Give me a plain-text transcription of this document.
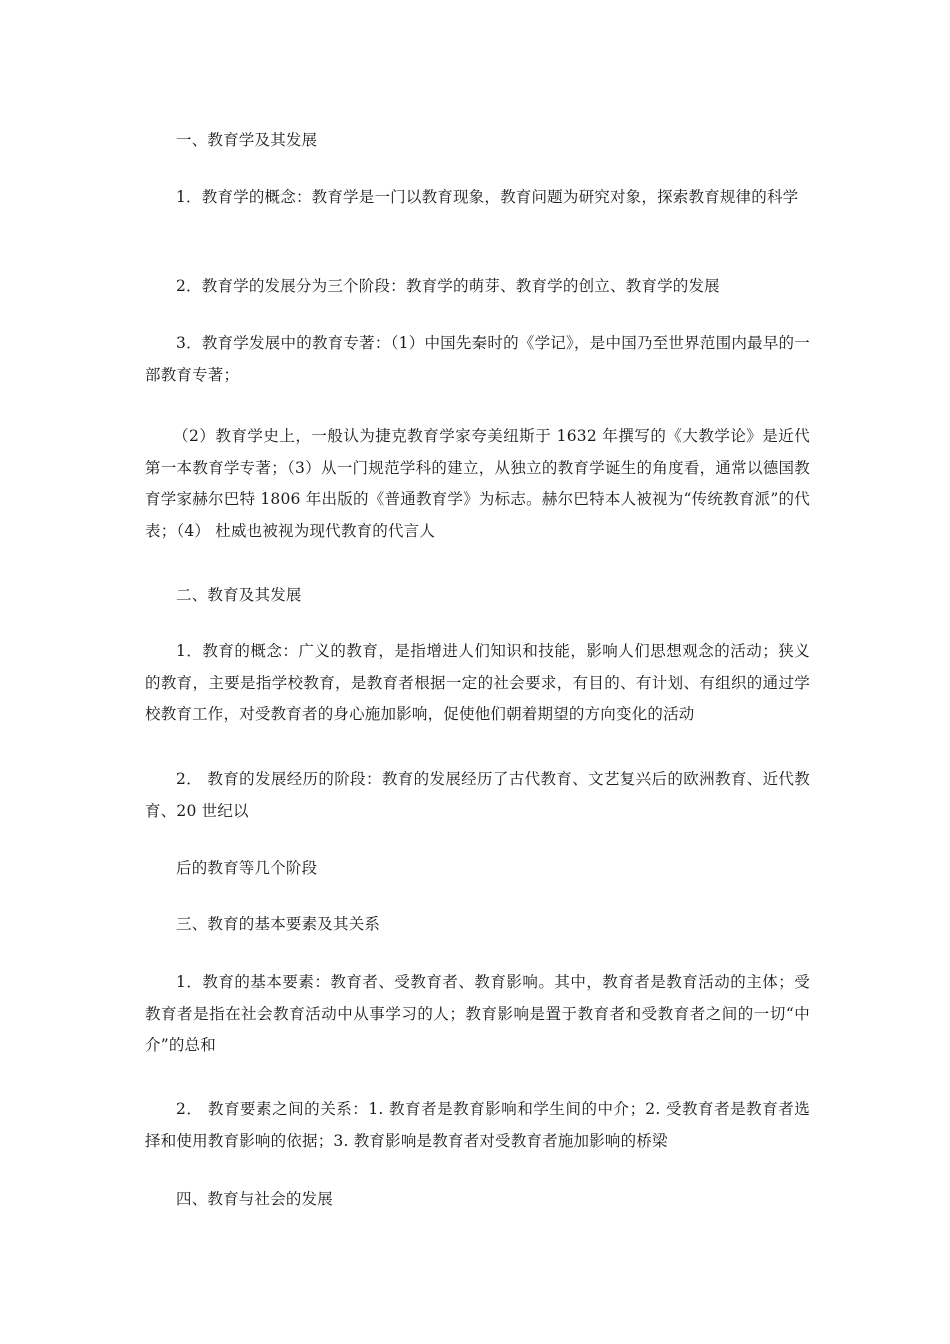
一、教育学及其发展

1．教育学的概念：教育学是一门以教育现象，教育问题为研究对象，探索教育规律的科学

2．教育学的发展分为三个阶段：教育学的萌芽、教育学的创立、教育学的发展

3．教育学发展中的教育专著：（1）中国先秦时的《学记》，是中国乃至世界范围内最早的一部教育专著；

（2）教育学史上，一般认为捷克教育学家夸美纽斯于 1632 年撰写的《大教学论》是近代第一本教育学专著；（3）从一门规范学科的建立，从独立的教育学诞生的角度看，通常以德国教育学家赫尔巴特 1806 年出版的《普通教育学》为标志。赫尔巴特本人被视为“传统教育派”的代表；（4） 杜威也被视为现代教育的代言人

二、教育及其发展

1．教育的概念：广义的教育，是指增进人们知识和技能，影响人们思想观念的活动；狭义的教育，主要是指学校教育，是教育者根据一定的社会要求，有目的、有计划、有组织的通过学校教育工作，对受教育者的身心施加影响，促使他们朝着期望的方向变化的活动

2． 教育的发展经历的阶段：教育的发展经历了古代教育、文艺复兴后的欧洲教育、近代教育、20 世纪以

后的教育等几个阶段

三、教育的基本要素及其关系

1．教育的基本要素：教育者、受教育者、教育影响。其中，教育者是教育活动的主体；受教育者是指在社会教育活动中从事学习的人；教育影响是置于教育者和受教育者之间的一切“中介”的总和

2． 教育要素之间的关系：1. 教育者是教育影响和学生间的中介；2. 受教育者是教育者选择和使用教育影响的依据；3. 教育影响是教育者对受教育者施加影响的桥梁

四、教育与社会的发展
